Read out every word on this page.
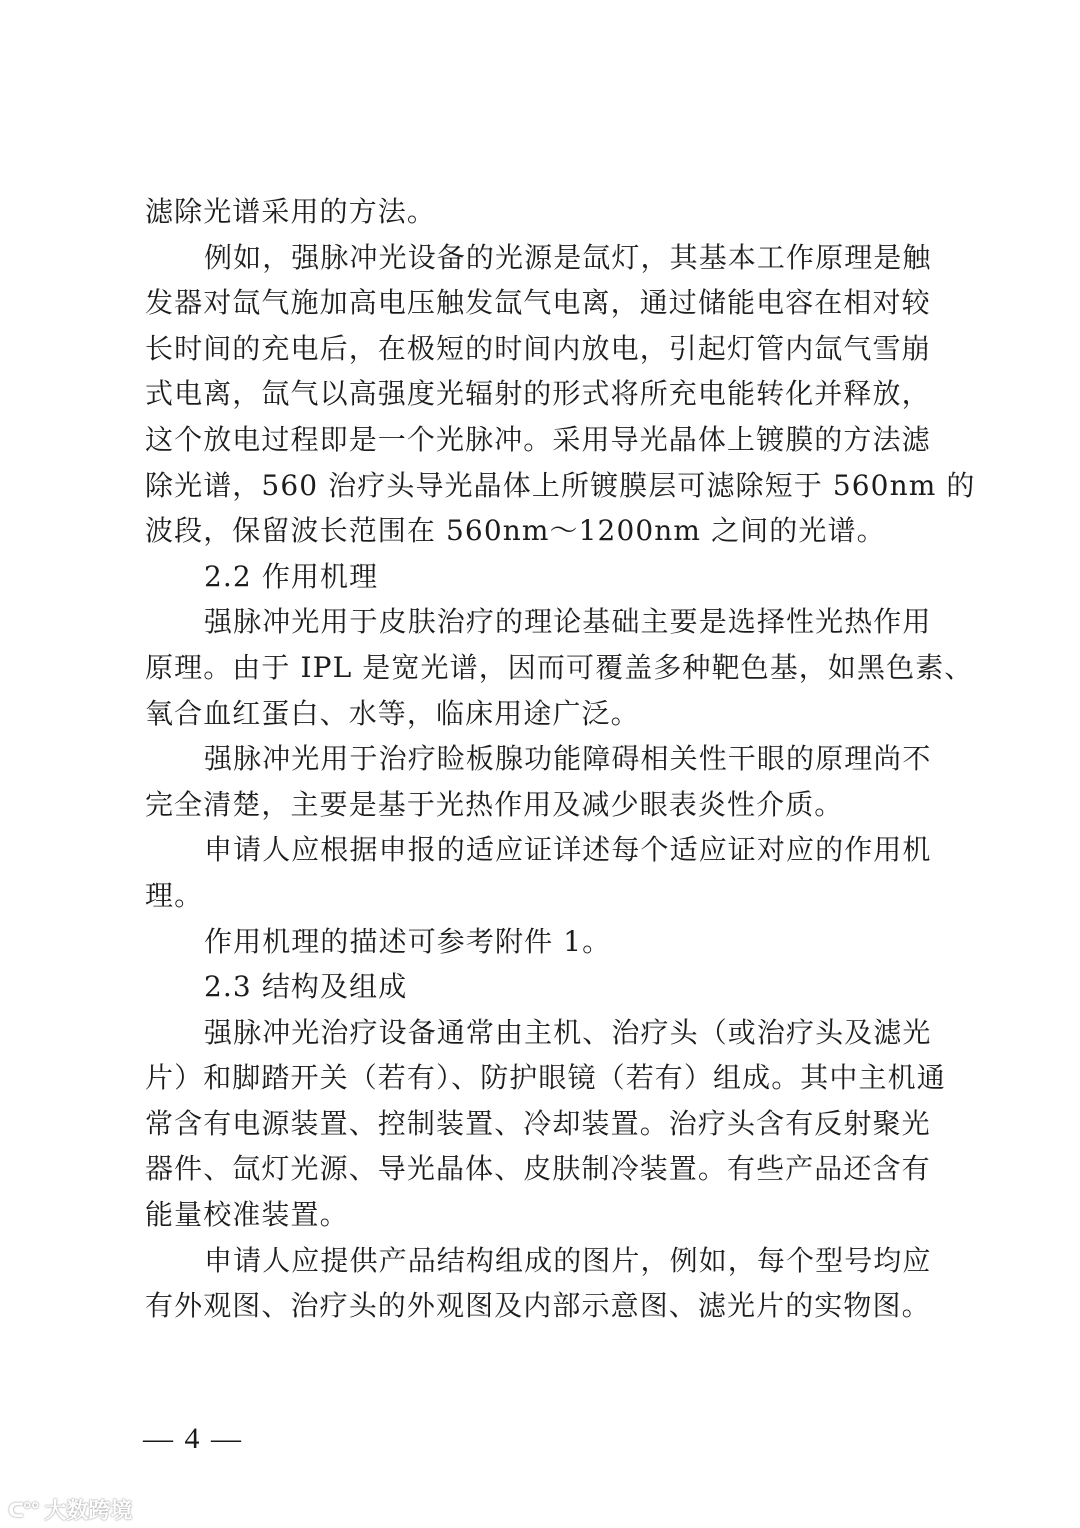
滤除光谱采用的方法。
例如，强脉冲光设备的光源是氙灯，其基本工作原理是触
发器对氙气施加高电压触发氙气电离，通过储能电容在相对较
长时间的充电后，在极短的时间内放电，引起灯管内氙气雪崩
式电离，氙气以高强度光辐射的形式将所充电能转化并释放，
这个放电过程即是一个光脉冲。采用导光晶体上镀膜的方法滤
除光谱，560 治疗头导光晶体上所镀膜层可滤除短于 560nm 的
波段，保留波长范围在 560nm～1200nm 之间的光谱。
2.2 作用机理
强脉冲光用于皮肤治疗的理论基础主要是选择性光热作用
原理。由于 IPL 是宽光谱，因而可覆盖多种靶色基，如黑色素、
氧合血红蛋白、水等，临床用途广泛。
强脉冲光用于治疗睑板腺功能障碍相关性干眼的原理尚不
完全清楚，主要是基于光热作用及减少眼表炎性介质。
申请人应根据申报的适应证详述每个适应证对应的作用机
理。
作用机理的描述可参考附件 1。
2.3 结构及组成
强脉冲光治疗设备通常由主机、治疗头（或治疗头及滤光
片）和脚踏开关（若有）、防护眼镜（若有）组成。其中主机通
常含有电源装置、控制装置、冷却装置。治疗头含有反射聚光
器件、氙灯光源、导光晶体、皮肤制冷装置。有些产品还含有
能量校准装置。
申请人应提供产品结构组成的图片，例如，每个型号均应
有外观图、治疗头的外观图及内部示意图、滤光片的实物图。
— 4 —
ᑕ°° 大数跨境
